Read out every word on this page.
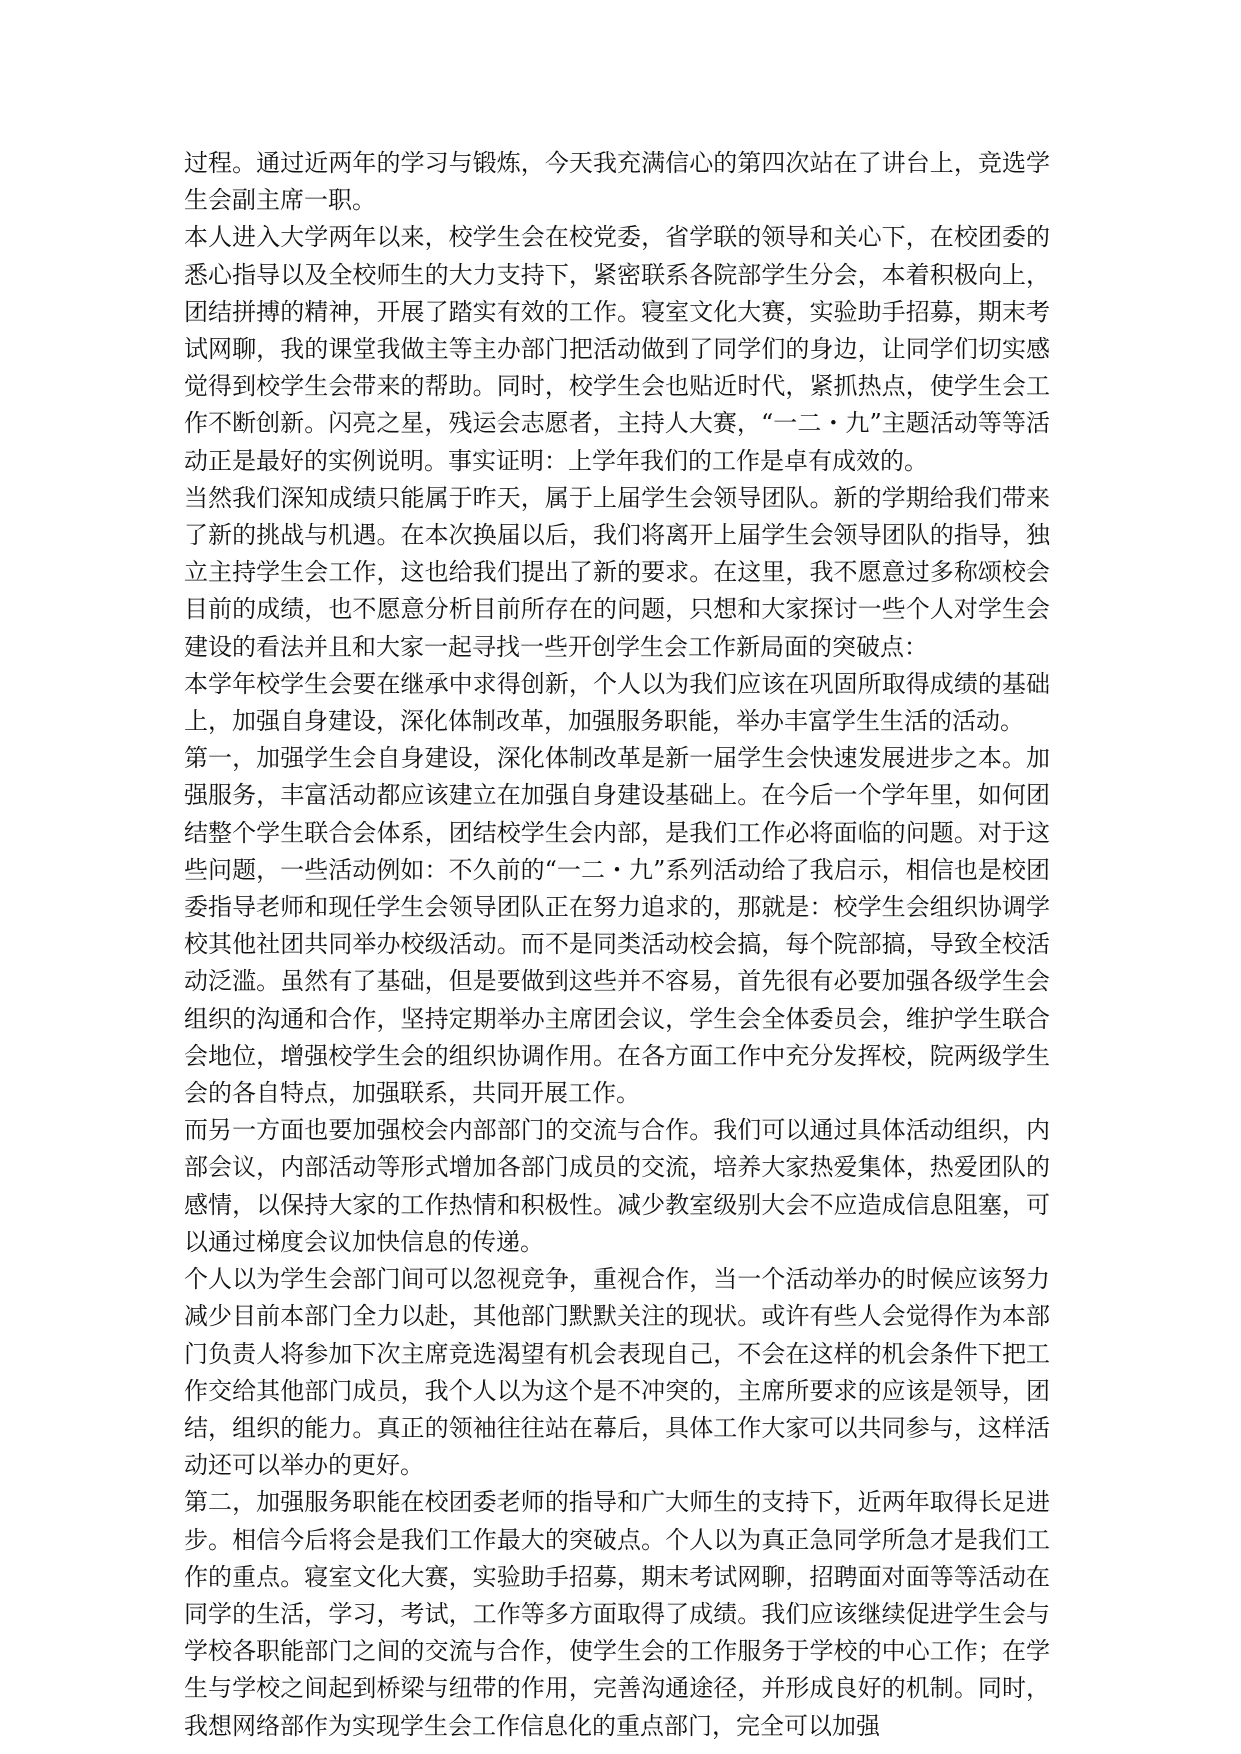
过程。通过近两年的学习与锻炼，今天我充满信心的第四次站在了讲台上，竞选学生会副主席一职。

本人进入大学两年以来，校学生会在校党委，省学联的领导和关心下，在校团委的悉心指导以及全校师生的大力支持下，紧密联系各院部学生分会，本着积极向上，团结拼搏的精神，开展了踏实有效的工作。寝室文化大赛，实验助手招募，期末考试网聊，我的课堂我做主等主办部门把活动做到了同学们的身边，让同学们切实感觉得到校学生会带来的帮助。同时，校学生会也贴近时代，紧抓热点，使学生会工作不断创新。闪亮之星，残运会志愿者，主持人大赛，“一二・九”主题活动等等活动正是最好的实例说明。事实证明：上学年我们的工作是卓有成效的。

当然我们深知成绩只能属于昨天，属于上届学生会领导团队。新的学期给我们带来了新的挑战与机遇。在本次换届以后，我们将离开上届学生会领导团队的指导，独立主持学生会工作，这也给我们提出了新的要求。在这里，我不愿意过多称颂校会目前的成绩，也不愿意分析目前所存在的问题，只想和大家探讨一些个人对学生会建设的看法并且和大家一起寻找一些开创学生会工作新局面的突破点：

本学年校学生会要在继承中求得创新，个人以为我们应该在巩固所取得成绩的基础上，加强自身建设，深化体制改革，加强服务职能，举办丰富学生生活的活动。

第一，加强学生会自身建设，深化体制改革是新一届学生会快速发展进步之本。加强服务，丰富活动都应该建立在加强自身建设基础上。在今后一个学年里，如何团结整个学生联合会体系，团结校学生会内部，是我们工作必将面临的问题。对于这些问题，一些活动例如：不久前的“一二・九”系列活动给了我启示，相信也是校团委指导老师和现任学生会领导团队正在努力追求的，那就是：校学生会组织协调学校其他社团共同举办校级活动。而不是同类活动校会搞，每个院部搞，导致全校活动泛滥。虽然有了基础，但是要做到这些并不容易，首先很有必要加强各级学生会组织的沟通和合作，坚持定期举办主席团会议，学生会全体委员会，维护学生联合会地位，增强校学生会的组织协调作用。在各方面工作中充分发挥校，院两级学生会的各自特点，加强联系，共同开展工作。

而另一方面也要加强校会内部部门的交流与合作。我们可以通过具体活动组织，内部会议，内部活动等形式增加各部门成员的交流，培养大家热爱集体，热爱团队的感情，以保持大家的工作热情和积极性。减少教室级别大会不应造成信息阻塞，可以通过梯度会议加快信息的传递。

个人以为学生会部门间可以忽视竞争，重视合作，当一个活动举办的时候应该努力减少目前本部门全力以赴，其他部门默默关注的现状。或许有些人会觉得作为本部门负责人将参加下次主席竞选渴望有机会表现自己，不会在这样的机会条件下把工作交给其他部门成员，我个人以为这个是不冲突的，主席所要求的应该是领导，团结，组织的能力。真正的领袖往往站在幕后，具体工作大家可以共同参与，这样活动还可以举办的更好。

第二，加强服务职能在校团委老师的指导和广大师生的支持下，近两年取得长足进步。相信今后将会是我们工作最大的突破点。个人以为真正急同学所急才是我们工作的重点。寝室文化大赛，实验助手招募，期末考试网聊，招聘面对面等等活动在同学的生活，学习，考试，工作等多方面取得了成绩。我们应该继续促进学生会与学校各职能部门之间的交流与合作，使学生会的工作服务于学校的中心工作；在学生与学校之间起到桥梁与纽带的作用，完善沟通途径，并形成良好的机制。同时，我想网络部作为实现学生会工作信息化的重点部门，完全可以加强
